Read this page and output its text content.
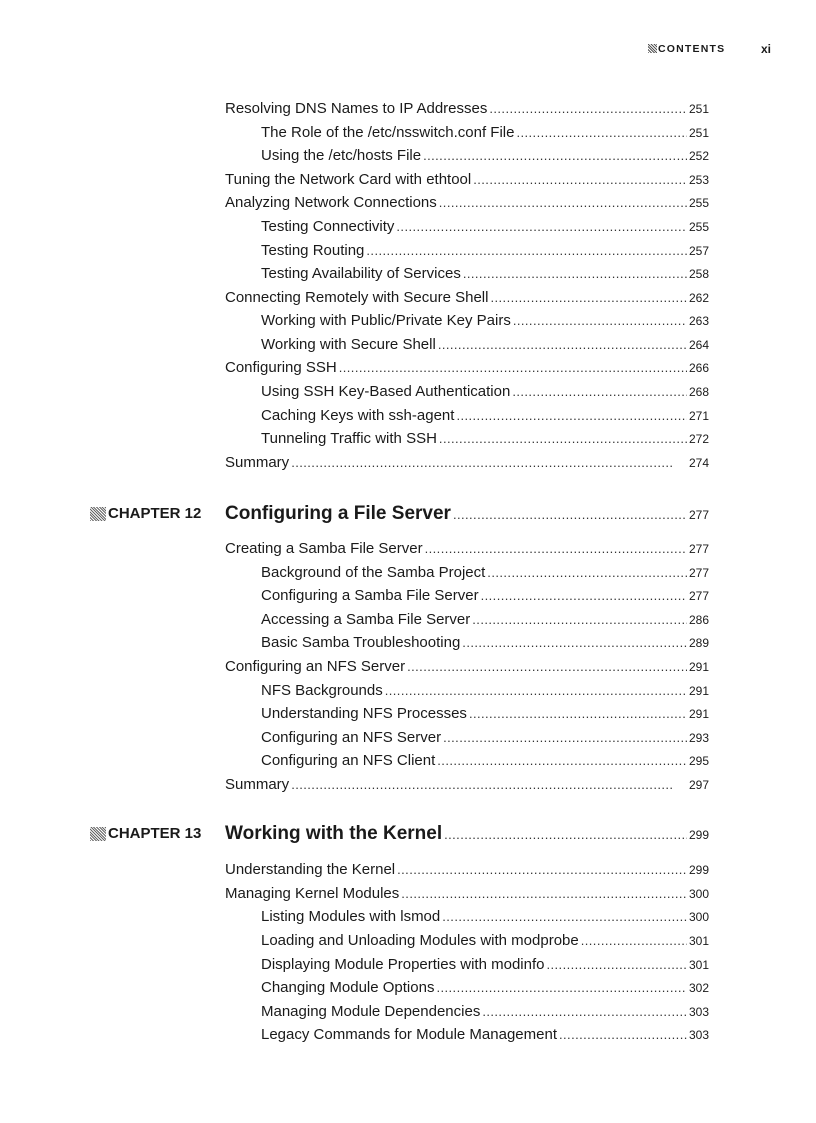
CONTENTS	xi
Resolving DNS Names to IP Addresses . . .	251
The Role of the /etc/nsswitch.conf File . . .	251
Using the /etc/hosts File . . .	252
Tuning the Network Card with ethtool . . .	253
Analyzing Network Connections . . .	255
Testing Connectivity . . .	255
Testing Routing . . .	257
Testing Availability of Services . . .	258
Connecting Remotely with Secure Shell . . .	262
Working with Public/Private Key Pairs . . .	263
Working with Secure Shell . . .	264
Configuring SSH . . .	266
Using SSH Key-Based Authentication . . .	268
Caching Keys with ssh-agent . . .	271
Tunneling Traffic with SSH . . .	272
Summary . . .	274
CHAPTER 12 Configuring a File Server . . .	277
Creating a Samba File Server . . .	277
Background of the Samba Project . . .	277
Configuring a Samba File Server . . .	277
Accessing a Samba File Server . . .	286
Basic Samba Troubleshooting . . .	289
Configuring an NFS Server . . .	291
NFS Backgrounds . . .	291
Understanding NFS Processes . . .	291
Configuring an NFS Server . . .	293
Configuring an NFS Client . . .	295
Summary . . .	297
CHAPTER 13 Working with the Kernel . . .	299
Understanding the Kernel . . .	299
Managing Kernel Modules . . .	300
Listing Modules with lsmod . . .	300
Loading and Unloading Modules with modprobe . . .	301
Displaying Module Properties with modinfo . . .	301
Changing Module Options . . .	302
Managing Module Dependencies . . .	303
Legacy Commands for Module Management . . .	303
